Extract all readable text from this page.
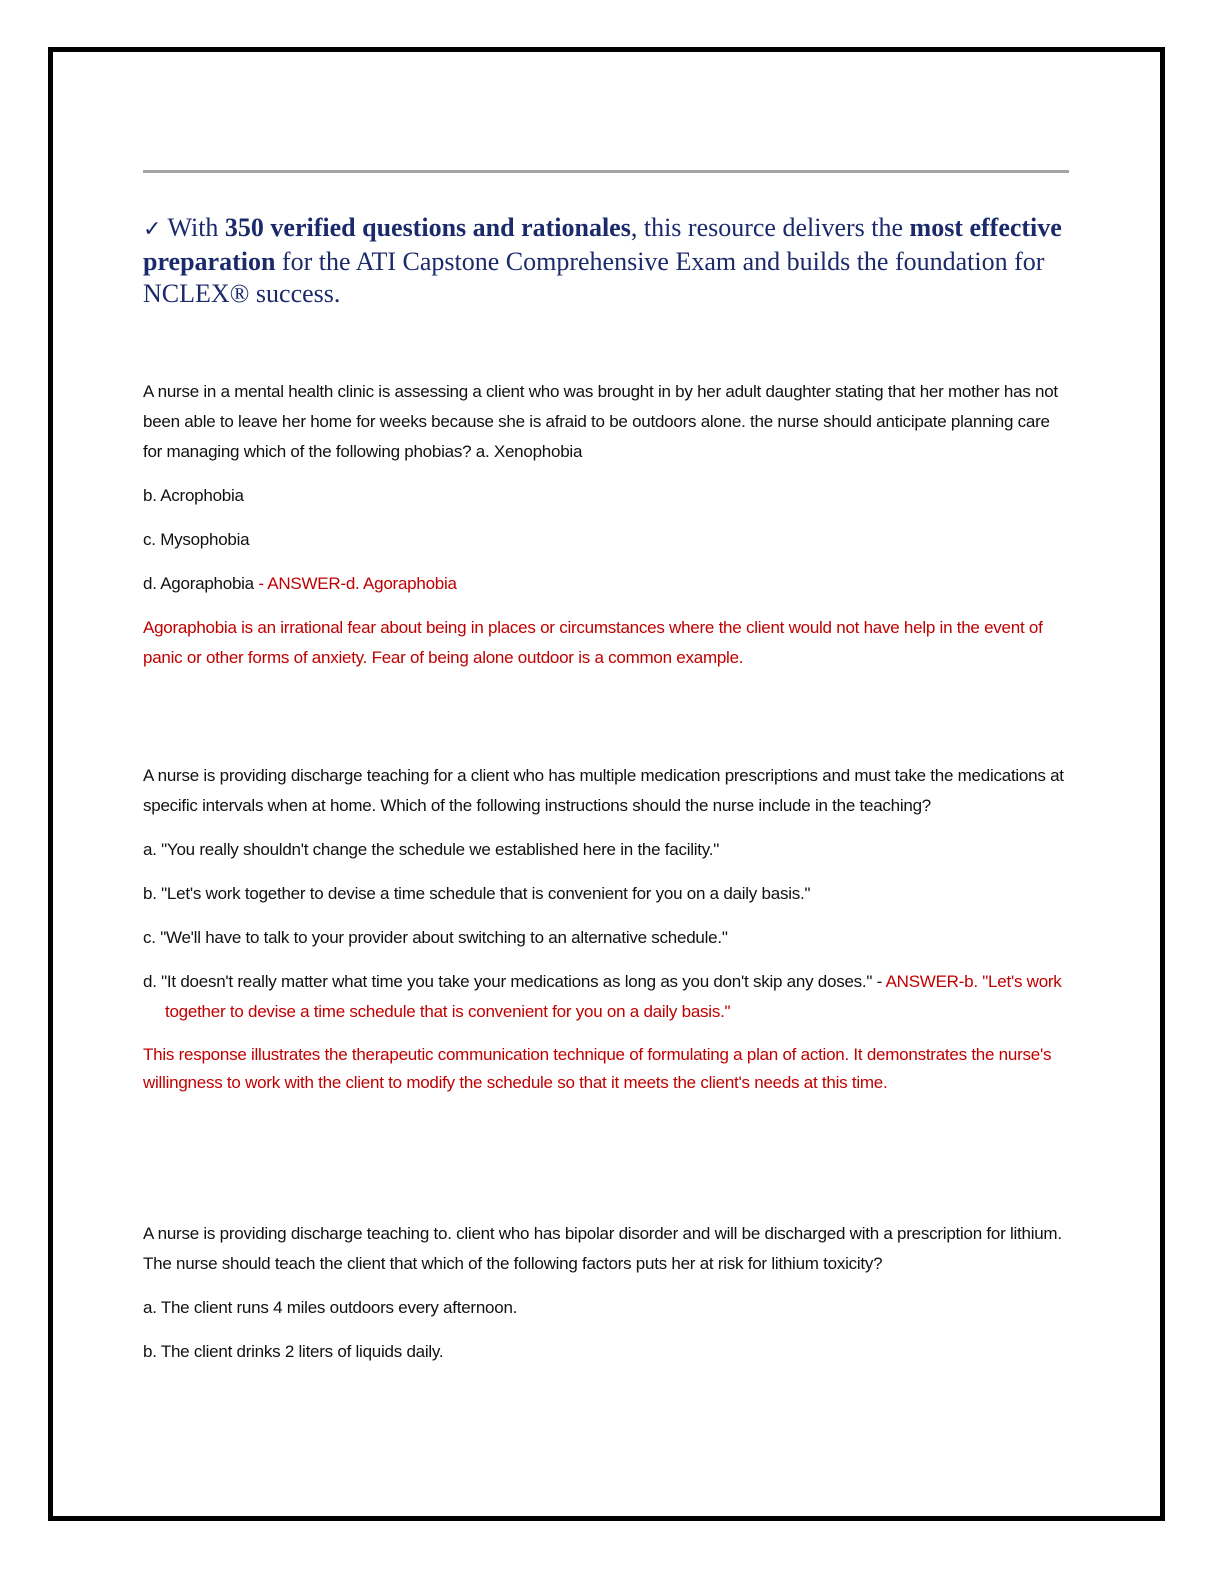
✓ With 350 verified questions and rationales, this resource delivers the most effective preparation for the ATI Capstone Comprehensive Exam and builds the foundation for NCLEX® success.

A nurse in a mental health clinic is assessing a client who was brought in by her adult daughter stating that her mother has not been able to leave her home for weeks because she is afraid to be outdoors alone. the nurse should anticipate planning care for managing which of the following phobias? a. Xenophobia

b. Acrophobia

c. Mysophobia

d. Agoraphobia - ANSWER-d. Agoraphobia

Agoraphobia is an irrational fear about being in places or circumstances where the client would not have help in the event of panic or other forms of anxiety. Fear of being alone outdoor is a common example.

A nurse is providing discharge teaching for a client who has multiple medication prescriptions and must take the medications at specific intervals when at home. Which of the following instructions should the nurse include in the teaching?

a. "You really shouldn't change the schedule we established here in the facility."

b. "Let's work together to devise a time schedule that is convenient for you on a daily basis."

c. "We'll have to talk to your provider about switching to an alternative schedule."

d. "It doesn't really matter what time you take your medications as long as you don't skip any doses." - ANSWER-b. "Let's work together to devise a time schedule that is convenient for you on a daily basis."

This response illustrates the therapeutic communication technique of formulating a plan of action. It demonstrates the nurse's willingness to work with the client to modify the schedule so that it meets the client's needs at this time.

A nurse is providing discharge teaching to. client who has bipolar disorder and will be discharged with a prescription for lithium. The nurse should teach the client that which of the following factors puts her at risk for lithium toxicity?

a. The client runs 4 miles outdoors every afternoon.

b. The client drinks 2 liters of liquids daily.
